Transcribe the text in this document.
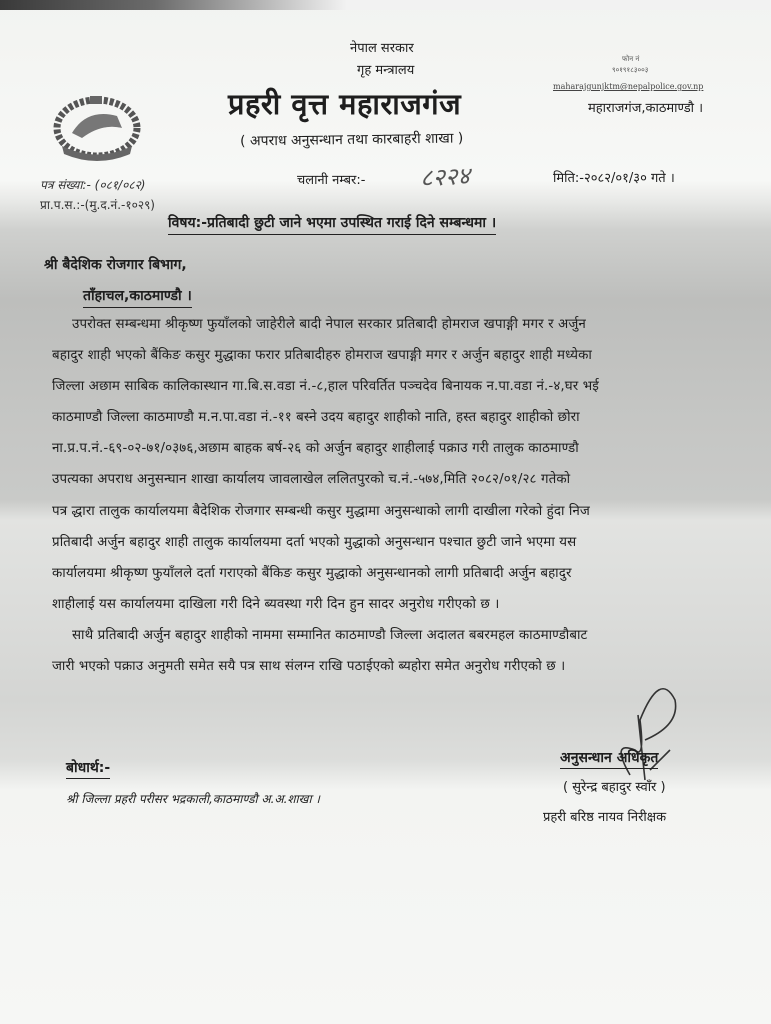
नेपाल सरकार
गृह मन्त्रालय
प्रहरी वृत्त महाराजगंज
( अपराध अनुसन्धान तथा कारबाहरी शाखा )
फोन नं
९०१९१८३००३
maharajgunjktm@nepalpolice.gov.np
महाराजगंज,काठमाण्डौ ।
पत्र संख्या:- (०८१/०८२)
प्रा.प.स.:-(मु.द.नं.-१०२९)
चलानी नम्बर:- ८२२४	मिति:-२०८२/०१/३० गते ।
विषय:-प्रतिबादी छुटी जाने भएमा उपस्थित गराई दिने सम्बन्धमा ।
श्री बैदेशिक रोजगार बिभाग,
ताँहाचल,काठमाण्डौ ।
उपरोक्त सम्बन्धमा श्रीकृष्ण फुयाँलको जाहेरीले बादी नेपाल सरकार प्रतिबादी होमराज खपाङ्गी मगर र अर्जुन
बहादुर शाही भएको बैंकिङ कसुर मुद्धाका फरार प्रतिबादीहरु होमराज खपाङ्गी मगर र अर्जुन बहादुर शाही मध्येका
जिल्ला अछाम साबिक कालिकास्थान गा.बि.स.वडा नं.-८,हाल परिवर्तित पञ्चदेव बिनायक न.पा.वडा नं.-४,घर भई
काठमाण्डौ जिल्ला काठमाण्डौ म.न.पा.वडा नं.-११ बस्ने उदय बहादुर शाहीको नाति, हस्त बहादुर शाहीको छोरा
ना.प्र.प.नं.-६९-०२-७१/०३७६,अछाम बाहक बर्ष-२६ को अर्जुन बहादुर शाहीलाई पक्राउ गरी तालुक काठमाण्डौ
उपत्यका अपराध अनुसन्घान शाखा कार्यालय जावलाखेल ललितपुरको च.नं.-५७४,मिति २०८२/०१/२८ गतेको
पत्र द्धारा तालुक कार्यालयमा बैदेशिक रोजगार सम्बन्धी कसुर मुद्धामा अनुसन्धाको लागी दाखीला गरेको हुंदा निज
प्रतिबादी अर्जुन बहादुर शाही तालुक कार्यालयमा दर्ता भएको मुद्धाको अनुसन्धान पश्चात छुटी जाने भएमा यस
कार्यालयमा श्रीकृष्ण फुयाँलले दर्ता गराएको बैंकिङ कसुर मुद्धाको अनुसन्धानको लागी प्रतिबादी अर्जुन बहादुर
शाहीलाई यस कार्यालयमा दाखिला गरी दिने ब्यवस्था गरी दिन हुन सादर अनुरोध गरीएको छ ।
साथै प्रतिबादी अर्जुन बहादुर शाहीको नाममा सम्मानित काठमाण्डौ जिल्ला अदालत बबरमहल काठमाण्डौबाट
जारी भएको पक्राउ अनुमती समेत सयै पत्र साथ संलग्न राखि पठाईएको ब्यहोरा समेत अनुरोध गरीएको छ ।
अनुसन्धान अधिकृत
( सुरेन्द्र बहादुर स्वाँर )
प्रहरी बरिष्ठ नायव निरीक्षक
बोधार्थ:-
श्री जिल्ला प्रहरी परीसर भद्रकाली,काठमाण्डौ अ.अ.शाखा ।
